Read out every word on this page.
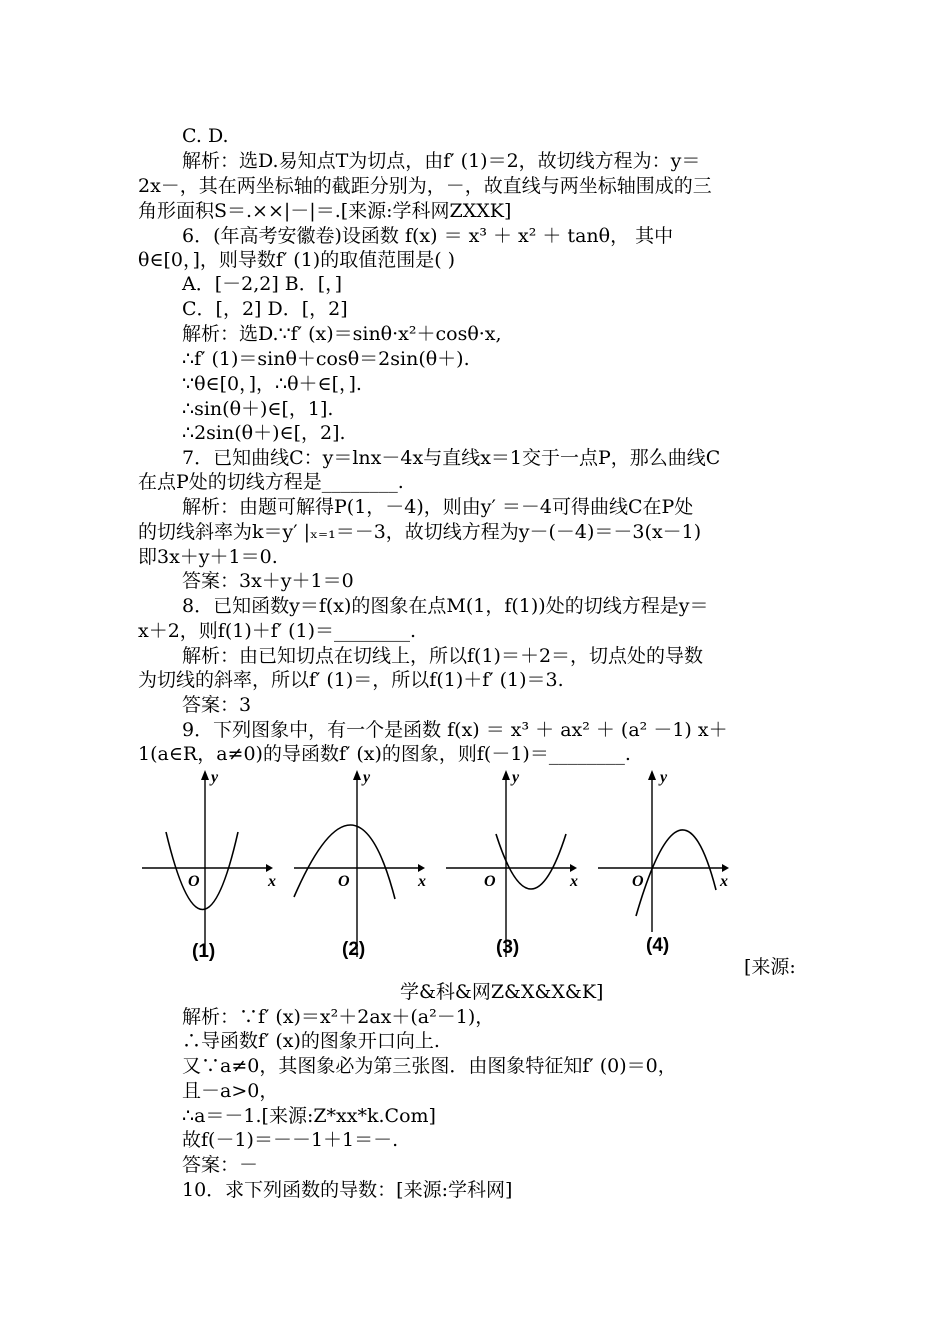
C. D.
解析：选D.易知点T为切点，由f′ (1)＝2，故切线方程为：y＝
2x－，其在两坐标轴的截距分别为，－，故直线与两坐标轴围成的三
角形面积S＝.××|－|＝.[来源:学科网ZXXK]
6．(年高考安徽卷)设函数 f(x) ＝ x³ ＋ x² ＋ tanθ， 其中
θ∈[0，]，则导数f′ (1)的取值范围是( )
A．[－2,2] B．[，]
C．[，2] D．[，2]
解析：选D.∵f′ (x)＝sinθ·x²＋cosθ·x,
∴f′ (1)＝sinθ＋cosθ＝2sin(θ＋).
∵θ∈[0，]，∴θ＋∈[，].
∴sin(θ＋)∈[，1].
∴2sin(θ＋)∈[，2].
7．已知曲线C：y＝lnx－4x与直线x＝1交于一点P，那么曲线C
在点P处的切线方程是________.
解析：由题可解得P(1，－4)，则由y′ ＝－4可得曲线C在P处
的切线斜率为k＝y′ |ₓ₌₁＝－3，故切线方程为y－(－4)＝－3(x－1)
即3x＋y＋1＝0.
答案：3x＋y＋1＝0
8．已知函数y＝f(x)的图象在点M(1，f(1))处的切线方程是y＝
x＋2，则f(1)＋f′ (1)＝________.
解析：由已知切点在切线上，所以f(1)＝＋2＝，切点处的导数
为切线的斜率，所以f′ (1)＝，所以f(1)＋f′ (1)＝3.
答案：3
9．下列图象中，有一个是函数 f(x) ＝ x³ ＋ ax² ＋ (a² －1) x＋
1(a∈R，a≠0)的导函数f′ (x)的图象，则f(－1)＝________.
y
x
O
y
x
O
y
x
O
y
x
O
(1)	(2)	(3)	(4)
[来源:
学&科&网Z&X&X&K]
解析：∵f′ (x)＝x²＋2ax＋(a²－1)，
∴导函数f′ (x)的图象开口向上.
又∵a≠0，其图象必为第三张图．由图象特征知f′ (0)＝0，
且－a>0，
∴a＝－1.[来源:Z*xx*k.Com]
故f(－1)＝－－1＋1＝－.
答案：－
10．求下列函数的导数：[来源:学科网]
